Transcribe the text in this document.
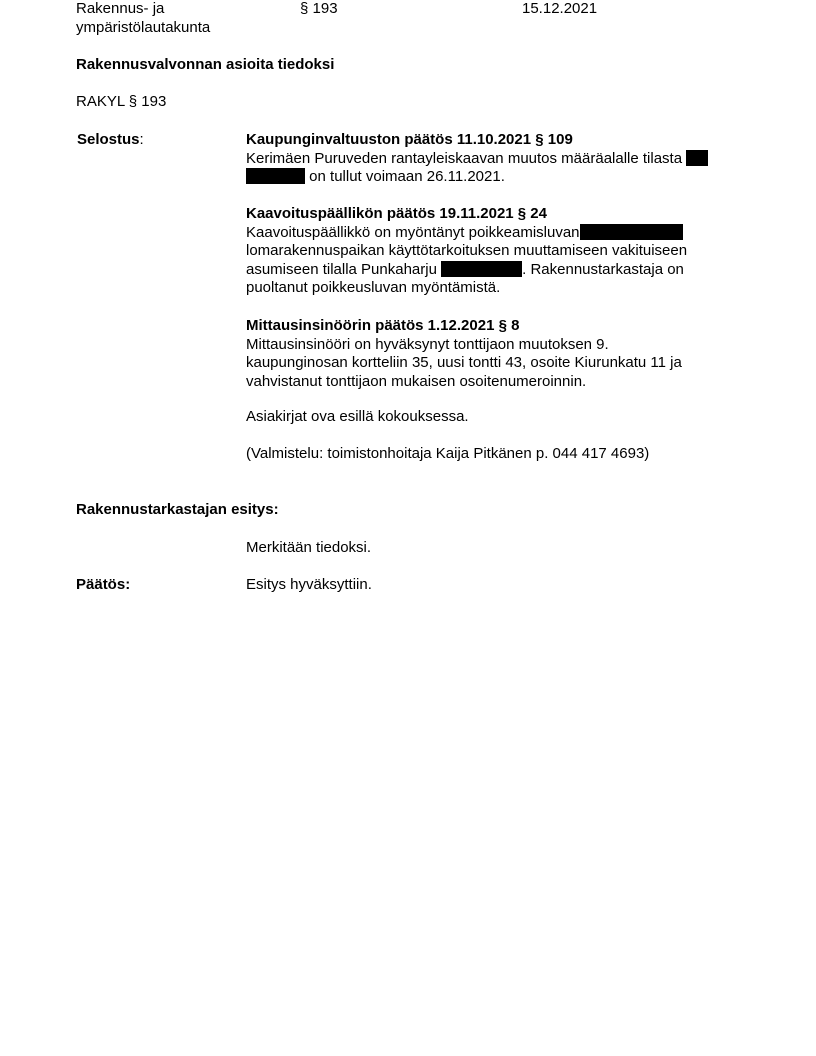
Rakennus- ja
ympäristölautakunta
§ 193	15.12.2021
Rakennusvalvonnan asioita tiedoksi
RAKYL § 193
Selostus:	Kaupunginvaltuuston päätös 11.10.2021 § 109
Kerimäen Puruveden rantayleiskaavan muutos määräalalle tilasta
on tullut voimaan 26.11.2021.
Kaavoituspäällikön päätös 19.11.2021 § 24
Kaavoituspäällikkö on myöntänyt poikkeamisluvan
lomarakennuspaikan käyttötarkoituksen muuttamiseen vakituiseen
asumiseen tilalla Punkaharju	. Rakennustarkastaja on
puoltanut poikkeusluvan myöntämistä.
Mittausinsinöörin päätös 1.12.2021 § 8
Mittausinsinööri on hyväksynyt tonttijaon muutoksen 9.
kaupunginosan kortteliin 35, uusi tontti 43, osoite Kiurunkatu 11 ja
vahvistanut tonttijaon mukaisen osoitenumeroinnin.
Asiakirjat ova esillä kokouksessa.
(Valmistelu: toimistonhoitaja Kaija Pitkänen p. 044 417 4693)
Rakennustarkastajan esitys:
Merkitään tiedoksi.
Päätös:	Esitys hyväksyttiin.
